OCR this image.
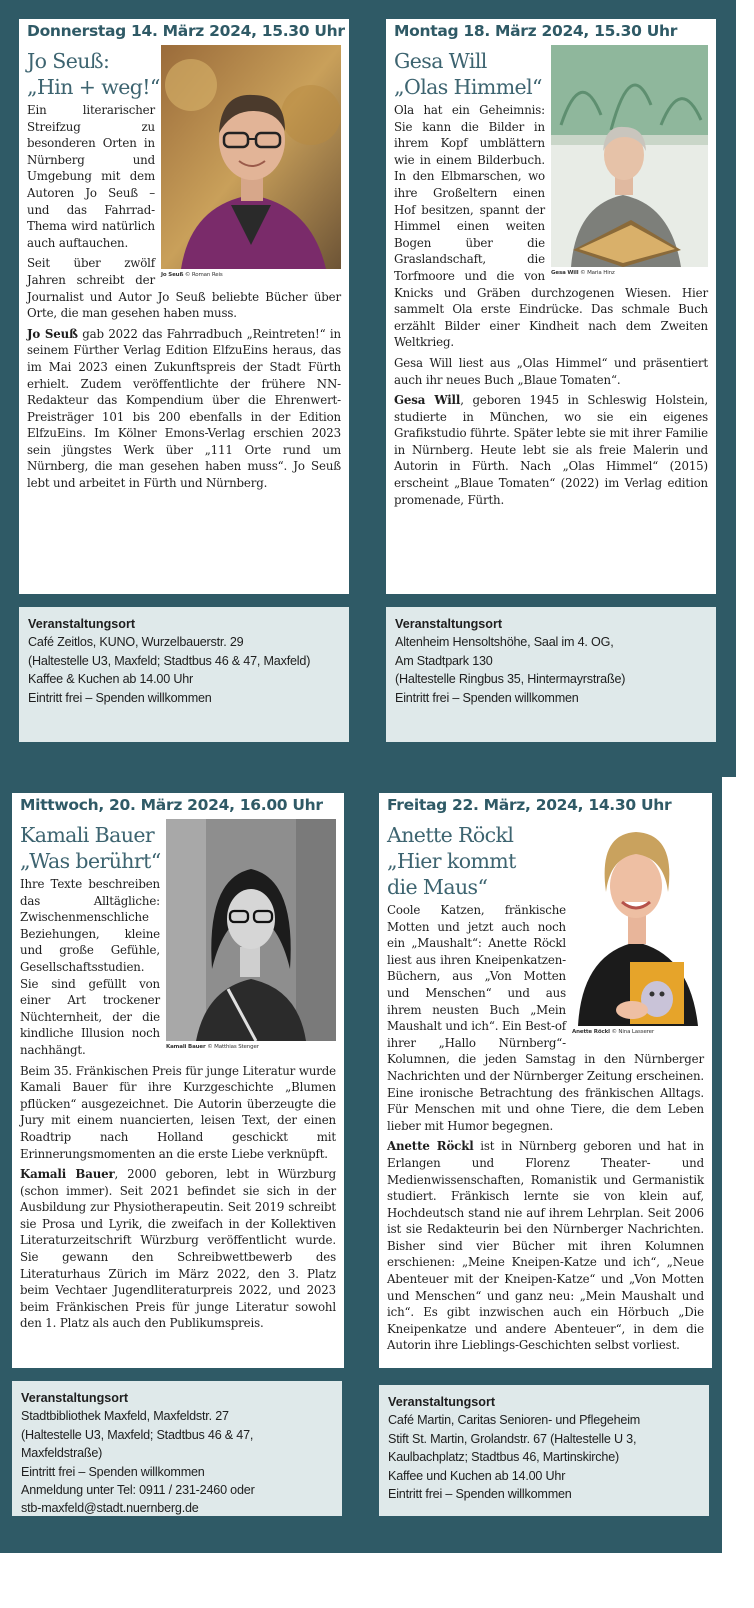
Donnerstag 14. März 2024, 15.30 Uhr
Jo Seuß:
„Hin + weg!“
Jo Seuß © Roman Reis

Ein literarischer Streifzug zu besonderen Orten in Nürnberg und Umgebung mit dem Autoren Jo Seuß – und das Fahrrad-Thema wird natürlich auch auftauchen.

Seit über zwölf Jahren schreibt der Journalist und Autor Jo Seuß beliebte Bücher über Orte, die man gesehen haben muss.

Jo Seuß gab 2022 das Fahrradbuch „Reintreten!“ in seinem Fürther Verlag Edition ElfzuEins heraus, das im Mai 2023 einen Zukunftspreis der Stadt Fürth erhielt. Zudem veröffentlichte der frühere NN-Redakteur das Kompendium über die Ehrenwert-Preisträger 101 bis 200 ebenfalls in der Edition ElfzuEins. Im Kölner Emons-Verlag erschien 2023 sein jüngstes Werk über „111 Orte rund um Nürnberg, die man gesehen haben muss“. Jo Seuß lebt und arbeitet in Fürth und Nürnberg.

Veranstaltungsort
Café Zeitlos, KUNO, Wurzelbauerstr. 29
(Haltestelle U3, Maxfeld; Stadtbus 46 & 47, Maxfeld)
Kaffee & Kuchen ab 14.00 Uhr
Eintritt frei – Spenden willkommen
Montag 18. März 2024, 15.30 Uhr
Gesa Will
„Olas Himmel“
Gesa Will © Maria Hinz

Ola hat ein Geheimnis: Sie kann die Bilder in ihrem Kopf umblättern wie in einem Bilderbuch. In den Elbmarschen, wo ihre Großeltern einen Hof besitzen, spannt der Himmel einen weiten Bogen über die Graslandschaft, die Torfmoore und die von Knicks und Gräben durchzogenen Wiesen. Hier sammelt Ola erste Eindrücke. Das schmale Buch erzählt Bilder einer Kindheit nach dem Zweiten Weltkrieg.

Gesa Will liest aus „Olas Himmel“ und präsentiert auch ihr neues Buch „Blaue Tomaten“.

Gesa Will, geboren 1945 in Schleswig Holstein, studierte in München, wo sie ein eigenes Grafikstudio führte. Später lebte sie mit ihrer Familie in Nürnberg. Heute lebt sie als freie Malerin und Autorin in Fürth. Nach „Olas Himmel“ (2015) erscheint „Blaue Tomaten“ (2022) im Verlag edition promenade, Fürth.

Veranstaltungsort
Altenheim Hensoltshöhe, Saal im 4. OG,
Am Stadtpark 130
(Haltestelle Ringbus 35, Hintermayrstraße)
Eintritt frei – Spenden willkommen
Mittwoch, 20. März 2024, 16.00 Uhr
Kamali Bauer
„Was berührt“
Kamali Bauer © Matthias Stenger

Ihre Texte beschreiben das Alltägliche: Zwischenmenschliche Beziehungen, kleine und große Gefühle, Gesellschaftsstudien. Sie sind gefüllt von einer Art trockener Nüchternheit, der die kindliche Illusion noch nachhängt.

Beim 35. Fränkischen Preis für junge Literatur wurde Kamali Bauer für ihre Kurzgeschichte „Blumen pflücken“ ausgezeichnet. Die Autorin überzeugte die Jury mit einem nuancierten, leisen Text, der einen Roadtrip nach Holland geschickt mit Erinnerungsmomenten an die erste Liebe verknüpft.

Kamali Bauer, 2000 geboren, lebt in Würzburg (schon immer). Seit 2021 befindet sie sich in der Ausbildung zur Physiotherapeutin. Seit 2019 schreibt sie Prosa und Lyrik, die zweifach in der Kollektiven Literaturzeitschrift Würzburg veröffentlicht wurde. Sie gewann den Schreibwettbewerb des Literaturhaus Zürich im März 2022, den 3. Platz beim Vechtaer Jugendliteraturpreis 2022, und 2023 beim Fränkischen Preis für junge Literatur sowohl den 1. Platz als auch den Publikumspreis.

Veranstaltungsort
Stadtbibliothek Maxfeld, Maxfeldstr. 27
(Haltestelle U3, Maxfeld; Stadtbus 46 & 47,
Maxfeldstraße)
Eintritt frei – Spenden willkommen
Anmeldung unter Tel: 0911 / 231-2460 oder
stb-maxfeld@stadt.nuernberg.de
Freitag 22. März, 2024, 14.30 Uhr
Anette Röckl
„Hier kommt
die Maus“
Anette Röckl © Nina Lasserer

Coole Katzen, fränkische Motten und jetzt auch noch ein „Maushalt“: Anette Röckl liest aus ihren Kneipenkatzen-Büchern, aus „Von Motten und Menschen“ und aus ihrem neusten Buch „Mein Maushalt und ich“. Ein Best-of ihrer „Hallo Nürnberg“-Kolumnen, die jeden Samstag in den Nürnberger Nachrichten und der Nürnberger Zeitung erscheinen. Eine ironische Betrachtung des fränkischen Alltags. Für Menschen mit und ohne Tiere, die dem Leben lieber mit Humor begegnen.

Anette Röckl ist in Nürnberg geboren und hat in Erlangen und Florenz Theater- und Medienwissenschaften, Romanistik und Germanistik studiert. Fränkisch lernte sie von klein auf, Hochdeutsch stand nie auf ihrem Lehrplan. Seit 2006 ist sie Redakteurin bei den Nürnberger Nachrichten. Bisher sind vier Bücher mit ihren Kolumnen erschienen: „Meine Kneipen-Katze und ich“, „Neue Abenteuer mit der Kneipen-Katze“ und „Von Motten und Menschen“ und ganz neu: „Mein Maushalt und ich“. Es gibt inzwischen auch ein Hörbuch „Die Kneipenkatze und andere Abenteuer“, in dem die Autorin ihre Lieblings-Geschichten selbst vorliest.

Veranstaltungsort
Café Martin, Caritas Senioren- und Pflegeheim
Stift St. Martin, Grolandstr. 67 (Haltestelle U 3,
Kaulbachplatz; Stadtbus 46, Martinskirche)
Kaffee und Kuchen ab 14.00 Uhr
Eintritt frei – Spenden willkommen
